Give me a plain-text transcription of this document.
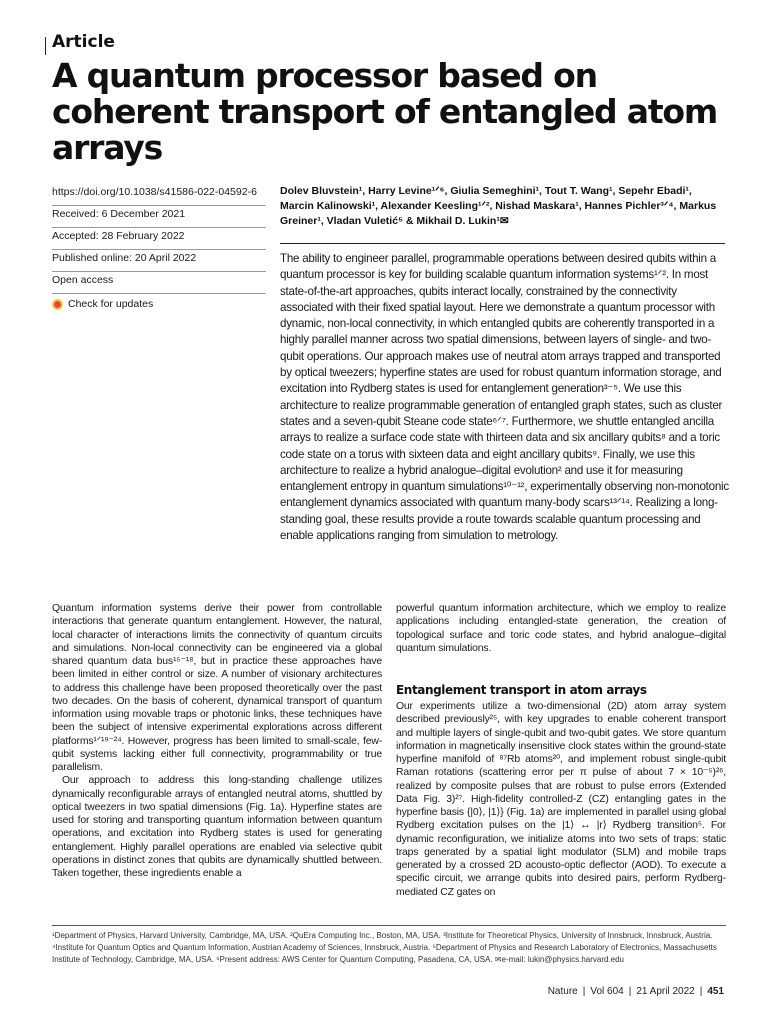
Article
A quantum processor based on coherent transport of entangled atom arrays
https://doi.org/10.1038/s41586-022-04592-6
Received: 6 December 2021
Accepted: 28 February 2022
Published online: 20 April 2022
Open access
Check for updates
Dolev Bluvstein¹, Harry Levine¹ᐟ⁶, Giulia Semeghini¹, Tout T. Wang¹, Sepehr Ebadi¹, Marcin Kalinowski¹, Alexander Keesling¹ᐟ², Nishad Maskara¹, Hannes Pichler³ᐟ⁴, Markus Greiner¹, Vladan Vuletić⁵ & Mikhail D. Lukin¹✉
The ability to engineer parallel, programmable operations between desired qubits within a quantum processor is key for building scalable quantum information systems¹ᐟ². In most state-of-the-art approaches, qubits interact locally, constrained by the connectivity associated with their fixed spatial layout. Here we demonstrate a quantum processor with dynamic, non-local connectivity, in which entangled qubits are coherently transported in a highly parallel manner across two spatial dimensions, between layers of single- and two-qubit operations. Our approach makes use of neutral atom arrays trapped and transported by optical tweezers; hyperfine states are used for robust quantum information storage, and excitation into Rydberg states is used for entanglement generation³⁻⁵. We use this architecture to realize programmable generation of entangled graph states, such as cluster states and a seven-qubit Steane code state⁶ᐟ⁷. Furthermore, we shuttle entangled ancilla arrays to realize a surface code state with thirteen data and six ancillary qubits⁸ and a toric code state on a torus with sixteen data and eight ancillary qubits⁹. Finally, we use this architecture to realize a hybrid analogue–digital evolution² and use it for measuring entanglement entropy in quantum simulations¹⁰⁻¹², experimentally observing non-monotonic entanglement dynamics associated with quantum many-body scars¹³ᐟ¹⁴. Realizing a long-standing goal, these results provide a route towards scalable quantum processing and enable applications ranging from simulation to metrology.

Quantum information systems derive their power from controllable interactions that generate quantum entanglement. However, the natural, local character of interactions limits the connectivity of quantum circuits and simulations. Non-local connectivity can be engineered via a global shared quantum data bus¹⁵⁻¹⁸, but in practice these approaches have been limited in either control or size. A number of visionary architectures to address this challenge have been proposed theoretically over the past two decades. On the basis of coherent, dynamical transport of quantum information using movable traps or photonic links, these techniques have been the subject of intensive experimental explorations across different platforms¹ᐟ¹⁹⁻²⁴. However, progress has been limited to small-scale, few-qubit systems lacking either full connectivity, programmability or true parallelism.

Our approach to address this long-standing challenge utilizes dynamically reconfigurable arrays of entangled neutral atoms, shuttled by optical tweezers in two spatial dimensions (Fig. 1a). Hyperfine states are used for storing and transporting quantum information between quantum operations, and excitation into Rydberg states is used for generating entanglement. Highly parallel operations are enabled via selective qubit operations in distinct zones that qubits are dynamically shuttled between. Taken together, these ingredients enable a

powerful quantum information architecture, which we employ to realize applications including entangled-state generation, the creation of topological surface and toric code states, and hybrid analogue–digital quantum simulations.

Entanglement transport in atom arrays

Our experiments utilize a two-dimensional (2D) atom array system described previously²⁵, with key upgrades to enable coherent transport and multiple layers of single-qubit and two-qubit gates. We store quantum information in magnetically insensitive clock states within the ground-state hyperfine manifold of ⁸⁷Rb atoms²⁰, and implement robust single-qubit Raman rotations (scattering error per π pulse of about 7 × 10⁻⁵)²⁶, realized by composite pulses that are robust to pulse errors (Extended Data Fig. 3)²⁷. High-fidelity controlled-Z (CZ) entangling gates in the hyperfine basis {|0⟩, |1⟩} (Fig. 1a) are implemented in parallel using global Rydberg excitation pulses on the |1⟩ ↔ |r⟩ Rydberg transition⁵. For dynamic reconfiguration, we initialize atoms into two sets of traps: static traps generated by a spatial light modulator (SLM) and mobile traps generated by a crossed 2D acousto-optic deflector (AOD). To execute a specific circuit, we arrange qubits into desired pairs, perform Rydberg-mediated CZ gates on

¹Department of Physics, Harvard University, Cambridge, MA, USA. ²QuEra Computing Inc., Boston, MA, USA. ³Institute for Theoretical Physics, University of Innsbruck, Innsbruck, Austria.
⁴Institute for Quantum Optics and Quantum Information, Austrian Academy of Sciences, Innsbruck, Austria. ⁵Department of Physics and Research Laboratory of Electronics, Massachusetts
Institute of Technology, Cambridge, MA, USA. ⁶Present address: AWS Center for Quantum Computing, Pasadena, CA, USA. ✉e-mail: lukin@physics.harvard.edu
Nature | Vol 604 | 21 April 2022 | 451
